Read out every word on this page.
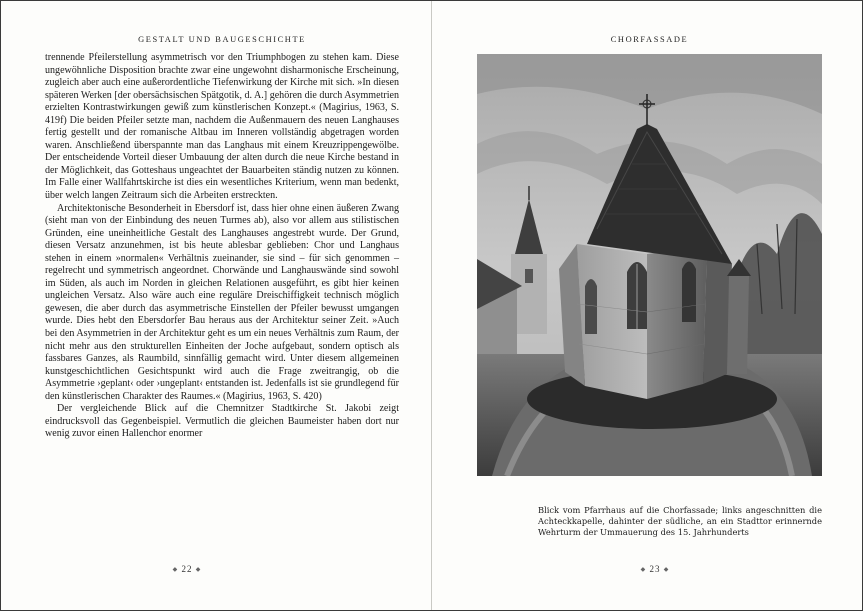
GESTALT UND BAUGESCHICHTE	CHORFASSADE

trennende Pfeilerstellung asymmetrisch vor den Triumphbogen zu stehen kam. Diese ungewöhnliche Disposition brachte zwar eine ungewohnt disharmonische Erscheinung, zugleich aber auch eine außerordentliche Tiefenwirkung der Kirche mit sich. »In diesen späteren Werken [der obersächsischen Spätgotik, d. A.] gehören die durch Asymmetrien erzielten Kontrastwirkungen gewiß zum künstlerischen Konzept.« (Magirius, 1963, S. 419f) Die beiden Pfeiler setzte man, nachdem die Außenmauern des neuen Langhauses fertig gestellt und der romanische Altbau im Inneren vollständig abgetragen worden waren. Anschließend überspannte man das Langhaus mit einem Kreuzrippengewölbe. Der entscheidende Vorteil dieser Umbauung der alten durch die neue Kirche bestand in der Möglichkeit, das Gotteshaus ungeachtet der Bauarbeiten ständig nutzen zu können. Im Falle einer Wallfahrtskirche ist dies ein wesentliches Kriterium, wenn man bedenkt, über welch langen Zeitraum sich die Arbeiten erstreckten.

Architektonische Besonderheit in Ebersdorf ist, dass hier ohne einen äußeren Zwang (sieht man von der Einbindung des neuen Turmes ab), also vor allem aus stilistischen Gründen, eine uneinheitliche Gestalt des Langhauses angestrebt wurde. Der Grund, diesen Versatz anzunehmen, ist bis heute ablesbar geblieben: Chor und Langhaus stehen in einem »normalen« Verhältnis zueinander, sie sind – für sich genommen – regelrecht und symmetrisch angeordnet. Chorwände und Langhauswände sind sowohl im Süden, als auch im Norden in gleichen Relationen ausgeführt, es gibt hier keinen ungleichen Versatz. Also wäre auch eine reguläre Dreischiffigkeit technisch möglich gewesen, die aber durch das asymmetrische Einstellen der Pfeiler bewusst umgangen wurde. Dies hebt den Ebersdorfer Bau heraus aus der Architektur seiner Zeit. »Auch bei den Asymmetrien in der Architektur geht es um ein neues Verhältnis zum Raum, der nicht mehr aus den strukturellen Einheiten der Joche aufgebaut, sondern optisch als fassbares Ganzes, als Raumbild, sinnfällig gemacht wird. Unter diesem allgemeinen kunstgeschichtlichen Gesichtspunkt wird auch die Frage zweitrangig, ob die Asymmetrie ›geplant‹ oder ›ungeplant‹ entstanden ist. Jedenfalls ist sie grundlegend für den künstlerischen Charakter des Raumes.« (Magirius, 1963, S. 420)

Der vergleichende Blick auf die Chemnitzer Stadtkirche St. Jakobi zeigt eindrucksvoll das Gegenbeispiel. Vermutlich die gleichen Baumeister haben dort nur wenig zuvor einen Hallenchor enormer

◆ 22 ◆
Blick vom Pfarrhaus auf die Chorfassade; links angeschnitten die Achteckkapelle, dahinter der südliche, an ein Stadttor erinnernde Wehrturm der Ummauerung des 15. Jahrhunderts
◆ 23 ◆
